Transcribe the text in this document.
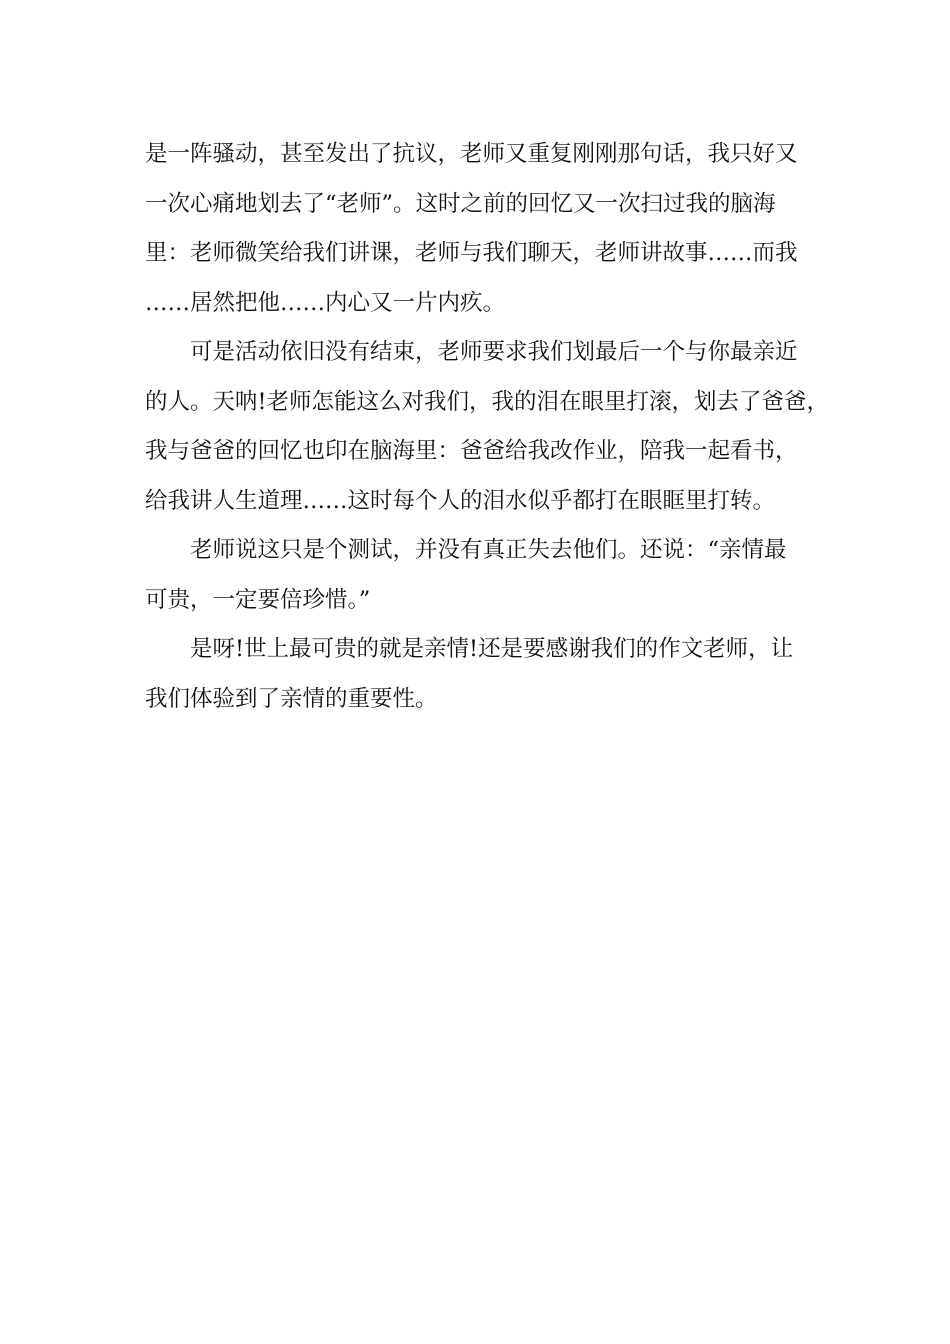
是一阵骚动，甚至发出了抗议，老师又重复刚刚那句话，我只好又
一次心痛地划去了“老师”。这时之前的回忆又一次扫过我的脑海
里：老师微笑给我们讲课，老师与我们聊天，老师讲故事……而我
……居然把他……内心又一片内疚。
可是活动依旧没有结束，老师要求我们划最后一个与你最亲近
的人。天呐!老师怎能这么对我们，我的泪在眼里打滚，划去了爸爸，
我与爸爸的回忆也印在脑海里：爸爸给我改作业，陪我一起看书，
给我讲人生道理……这时每个人的泪水似乎都打在眼眶里打转。
老师说这只是个测试，并没有真正失去他们。还说：“亲情最
可贵，一定要倍珍惜。”
是呀!世上最可贵的就是亲情!还是要感谢我们的作文老师，让
我们体验到了亲情的重要性。
